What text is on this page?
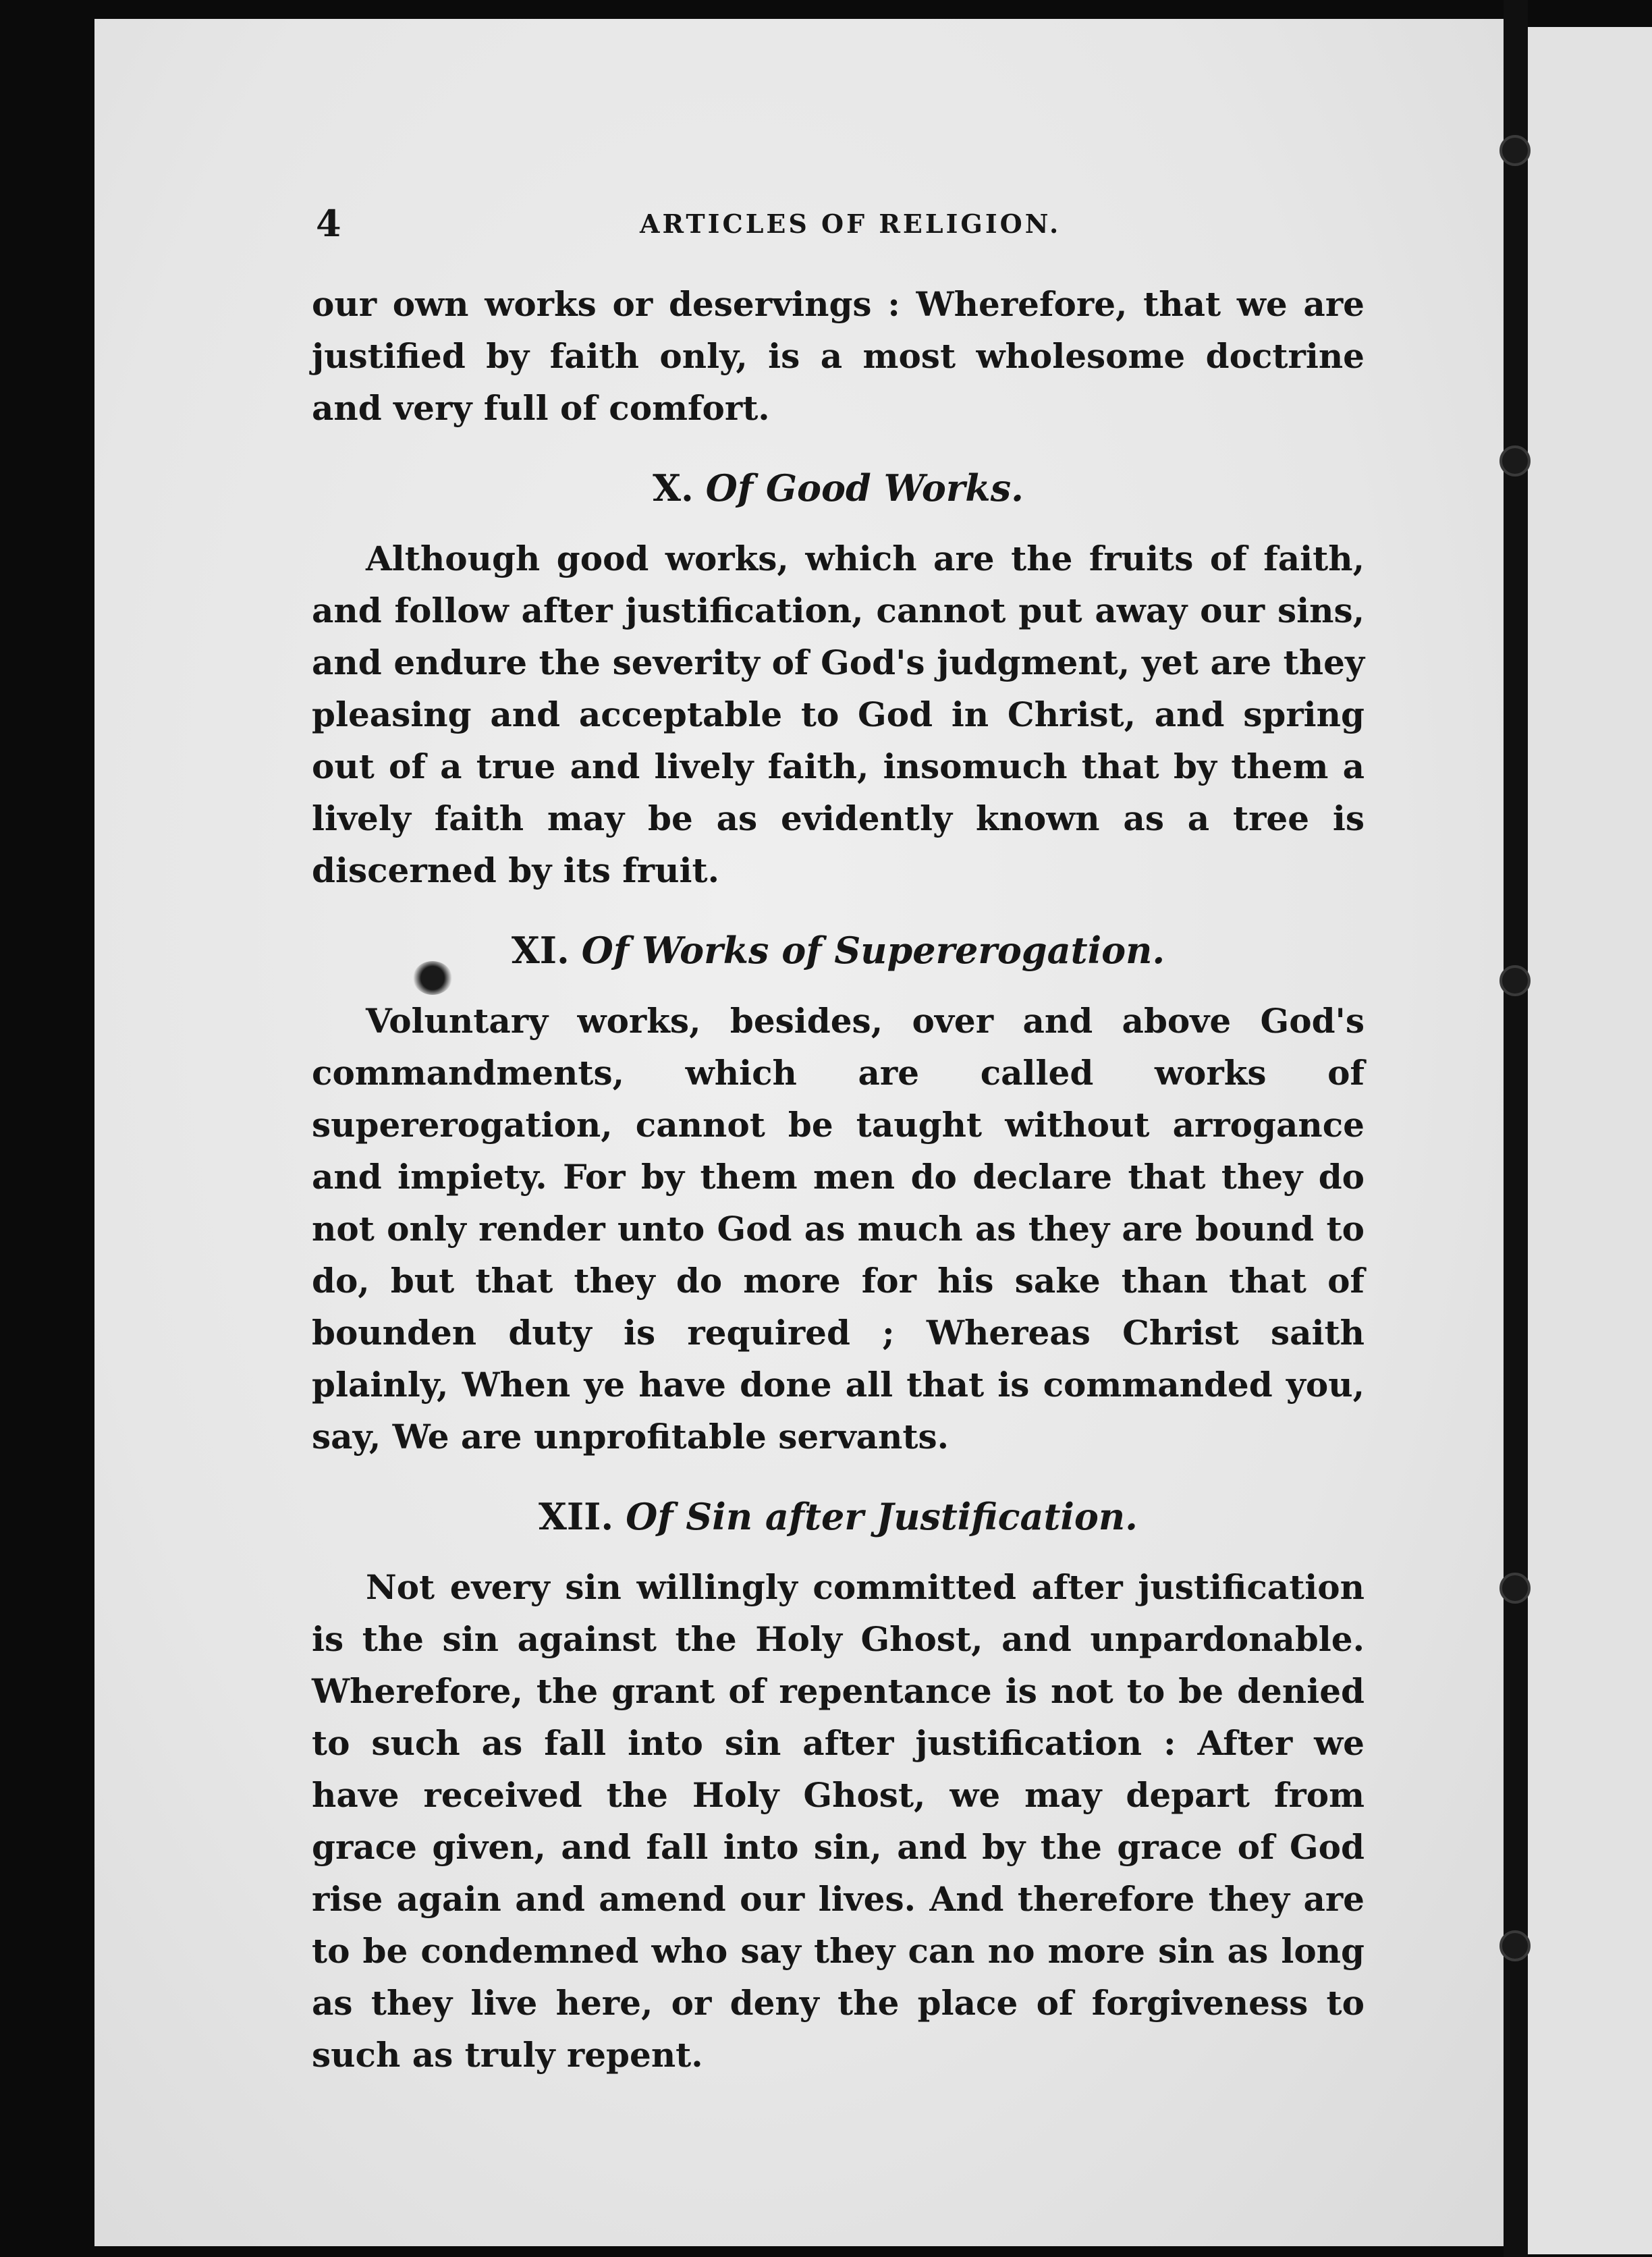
4	ARTICLES OF RELIGION.

our own works or deservings : Wherefore, that we are justified by faith only, is a most wholesome doctrine and very full of comfort.

X. Of Good Works.

Although good works, which are the fruits of faith, and follow after justification, cannot put away our sins, and endure the severity of God's judgment, yet are they pleasing and acceptable to God in Christ, and spring out of a true and lively faith, insomuch that by them a lively faith may be as evidently known as a tree is discerned by its fruit.

XI. Of Works of Supererogation.

Voluntary works, besides, over and above God's commandments, which are called works of supererogation, cannot be taught without arrogance and impiety. For by them men do declare that they do not only render unto God as much as they are bound to do, but that they do more for his sake than that of bounden duty is required ; Whereas Christ saith plainly, When ye have done all that is commanded you, say, We are unprofitable servants.

XII. Of Sin after Justification.

Not every sin willingly committed after justification is the sin against the Holy Ghost, and unpardonable. Wherefore, the grant of repentance is not to be denied to such as fall into sin after justification : After we have received the Holy Ghost, we may depart from grace given, and fall into sin, and by the grace of God rise again and amend our lives. And therefore they are to be condemned who say they can no more sin as long as they live here, or deny the place of forgiveness to such as truly repent.
